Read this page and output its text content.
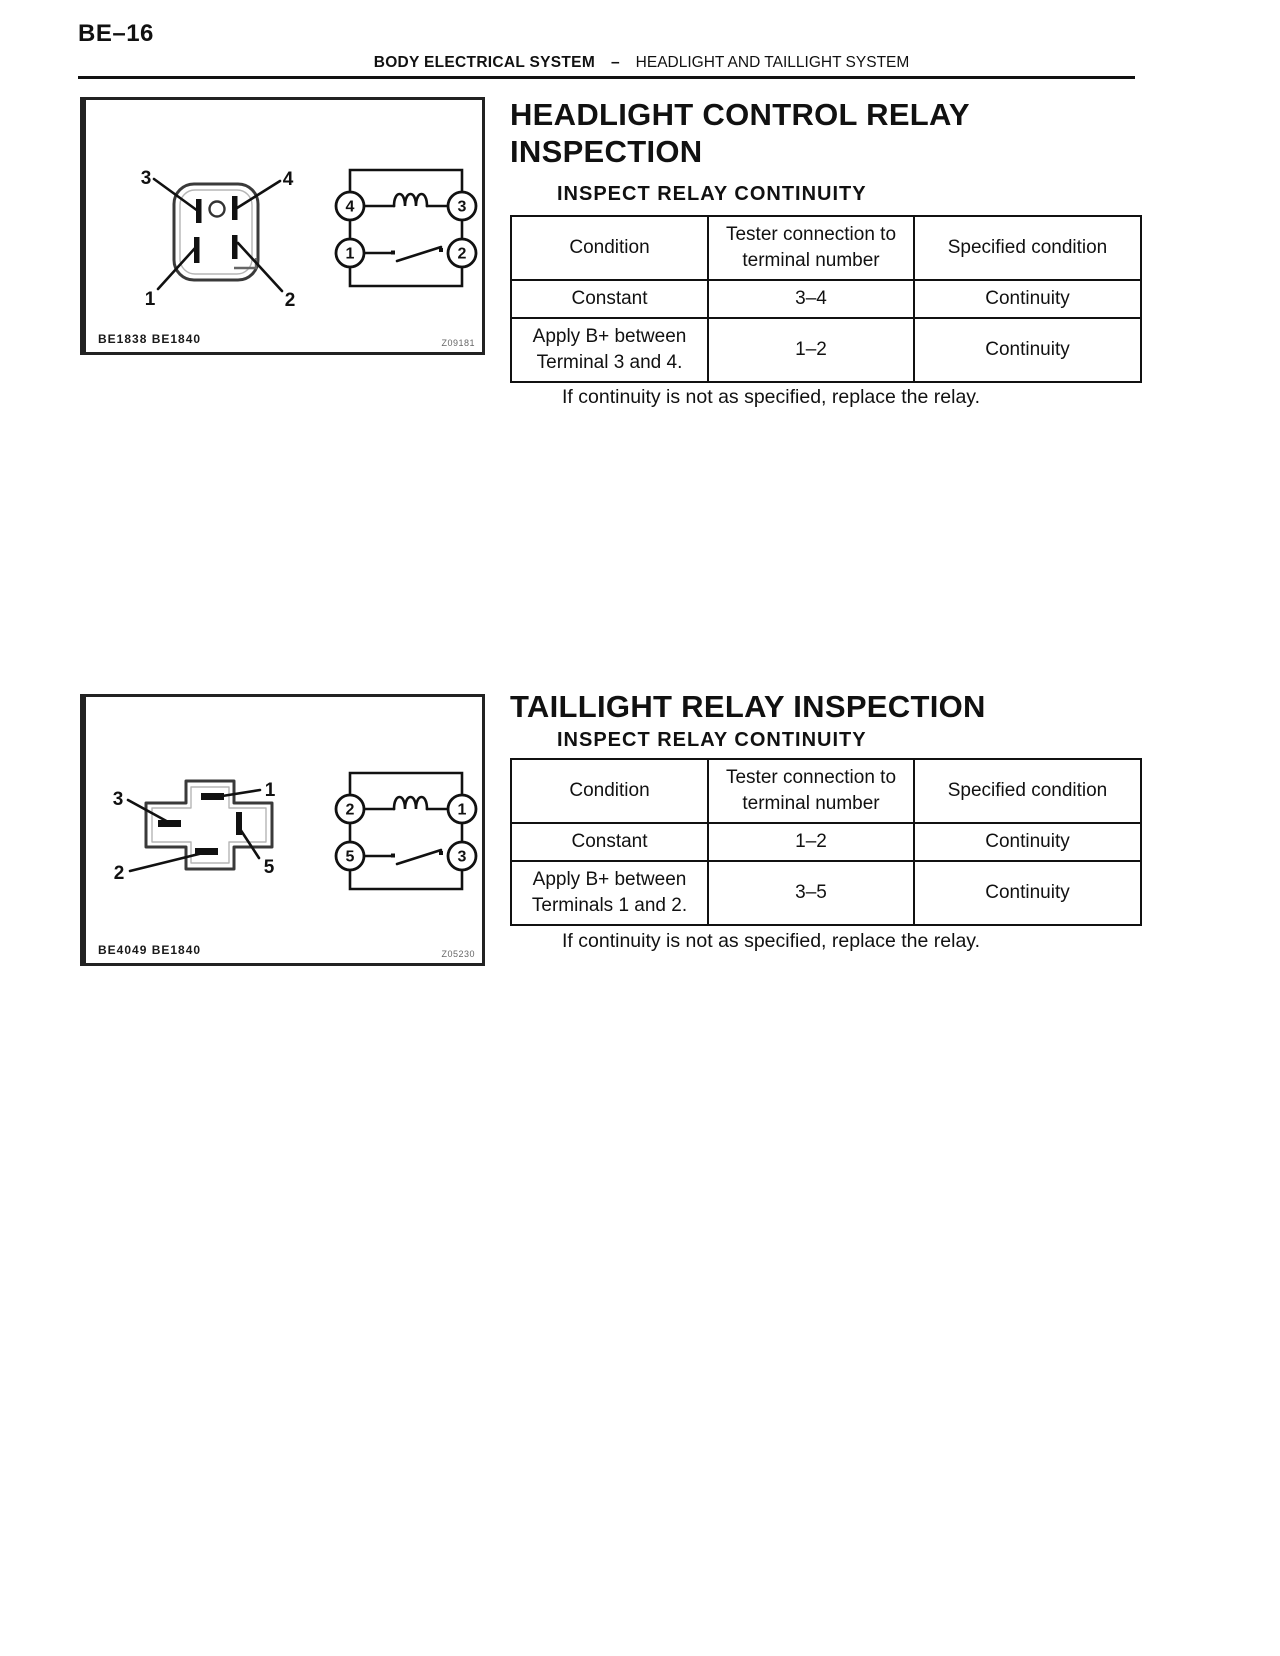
BE–16
BODY ELECTRICAL SYSTEM – HEADLIGHT AND TAILLIGHT SYSTEM
3	4
1	2
4	3
1	2
BE1838 BE1840	Z09181
HEADLIGHT CONTROL RELAY
INSPECTION
INSPECT RELAY CONTINUITY
Condition	Tester connection to terminal number	Specified condition
Constant	3–4	Continuity
Apply B+ between Terminal 3 and 4.	1–2	Continuity
If continuity is not as specified, replace the relay.
1
3
5
2
2	1
5	3
BE4049 BE1840	Z05230
TAILLIGHT RELAY INSPECTION
INSPECT RELAY CONTINUITY
Condition	Tester connection to terminal number	Specified condition
Constant	1–2	Continuity
Apply B+ between Terminals 1 and 2.	3–5	Continuity
If continuity is not as specified, replace the relay.
